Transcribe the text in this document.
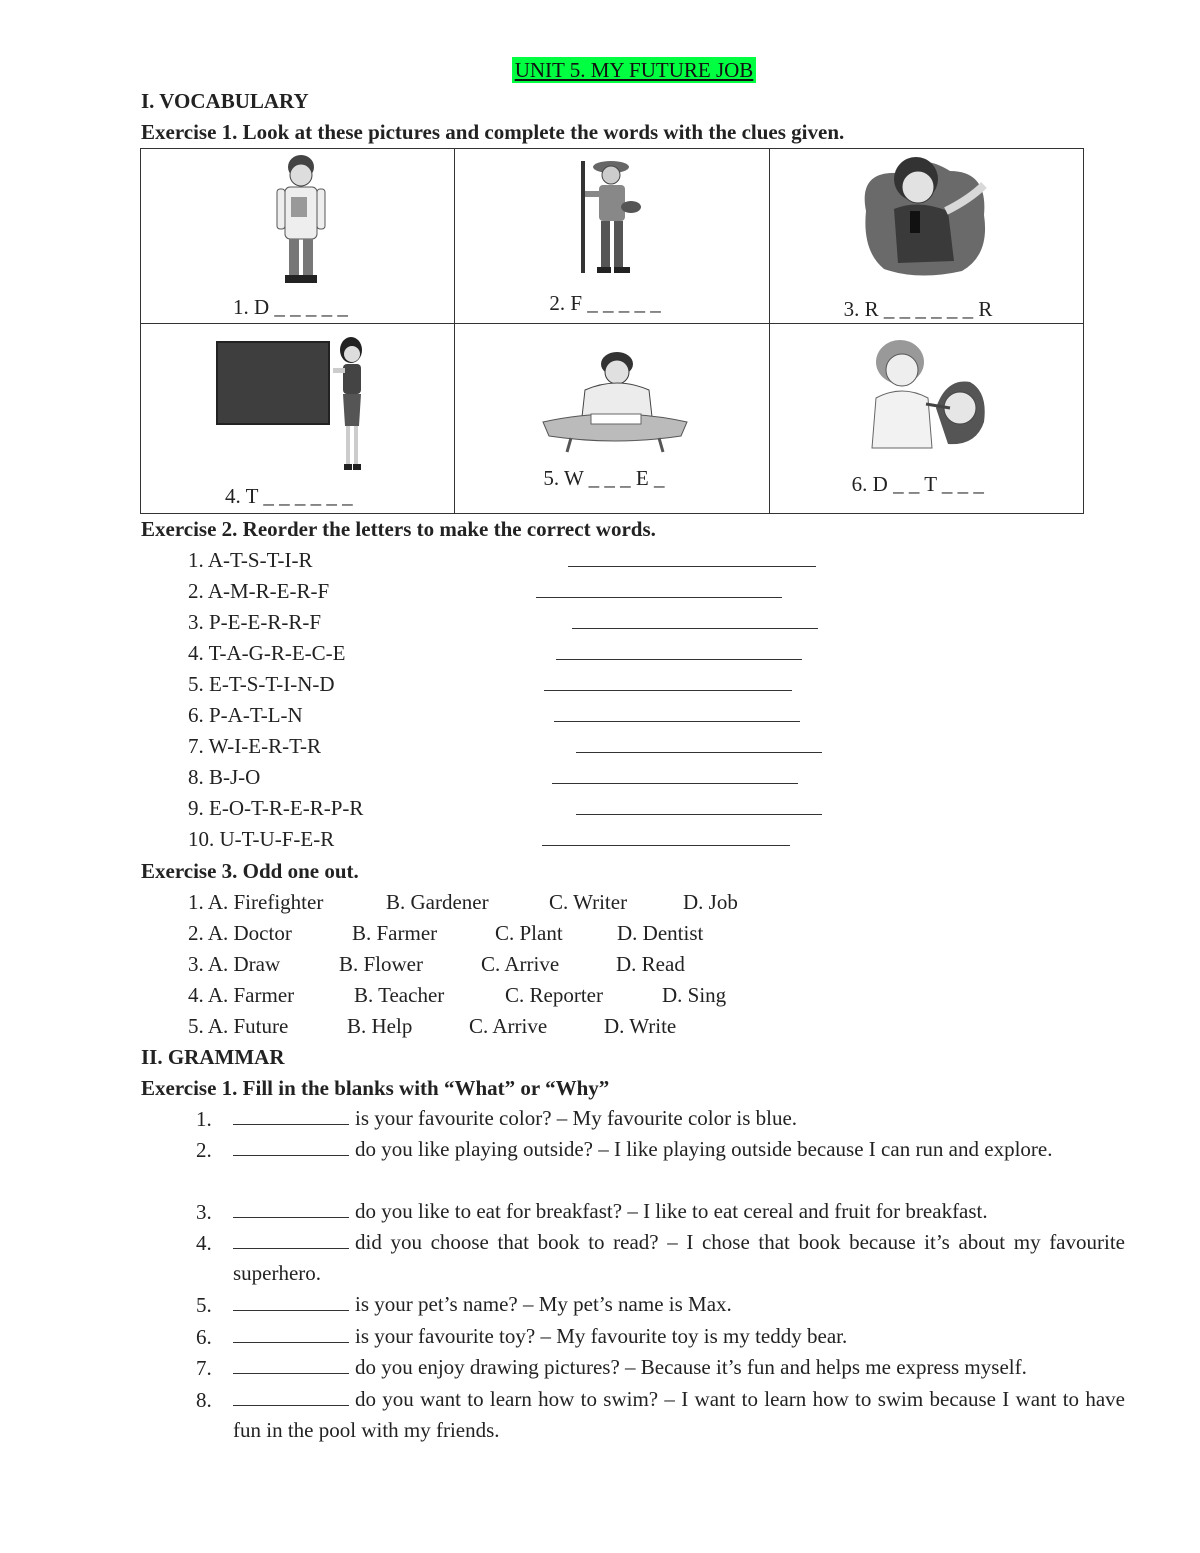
UNIT 5. MY FUTURE JOB
I. VOCABULARY
Exercise 1. Look at these pictures and complete the words with the clues given.
1. D _ _ _ _ _	2. F _ _ _ _ _	3. R _ _ _ _ _ _ R

4. T _ _ _ _ _ _	5. W _ _ _ E _	6. D _ _ T _ _ _
Exercise 2. Reorder the letters to make the correct words.
1. A-T-S-T-I-R
2. A-M-R-E-R-F
3. P-E-E-R-R-F
4. T-A-G-R-E-C-E
5. E-T-S-T-I-N-D
6. P-A-T-L-N
7. W-I-E-R-T-R
8. B-J-O
9. E-O-T-R-E-R-P-R
10. U-T-U-F-E-R
Exercise 3. Odd one out.
1. A. Firefighter	B. Gardener	C. Writer	D. Job
2. A. Doctor	B. Farmer	C. Plant	D. Dentist
3. A. Draw	B. Flower	C. Arrive	D. Read
4. A. Farmer	B. Teacher	C. Reporter	D. Sing
5. A. Future	B. Help	C. Arrive	D. Write
II. GRAMMAR
Exercise 1. Fill in the blanks with “What” or “Why”
1.	is your favourite color? – My favourite color is blue.
2.	do you like playing outside? – I like playing outside because I can run and explore.
3.	do you like to eat for breakfast? – I like to eat cereal and fruit for breakfast.
4.	did you choose that book to read? – I chose that book because it’s about my favourite superhero.
5.	is your pet’s name? – My pet’s name is Max.
6.	is your favourite toy? – My favourite toy is my teddy bear.
7.	do you enjoy drawing pictures? – Because it’s fun and helps me express myself.
8.	do you want to learn how to swim? – I want to learn how to swim because I want to have fun in the pool with my friends.
